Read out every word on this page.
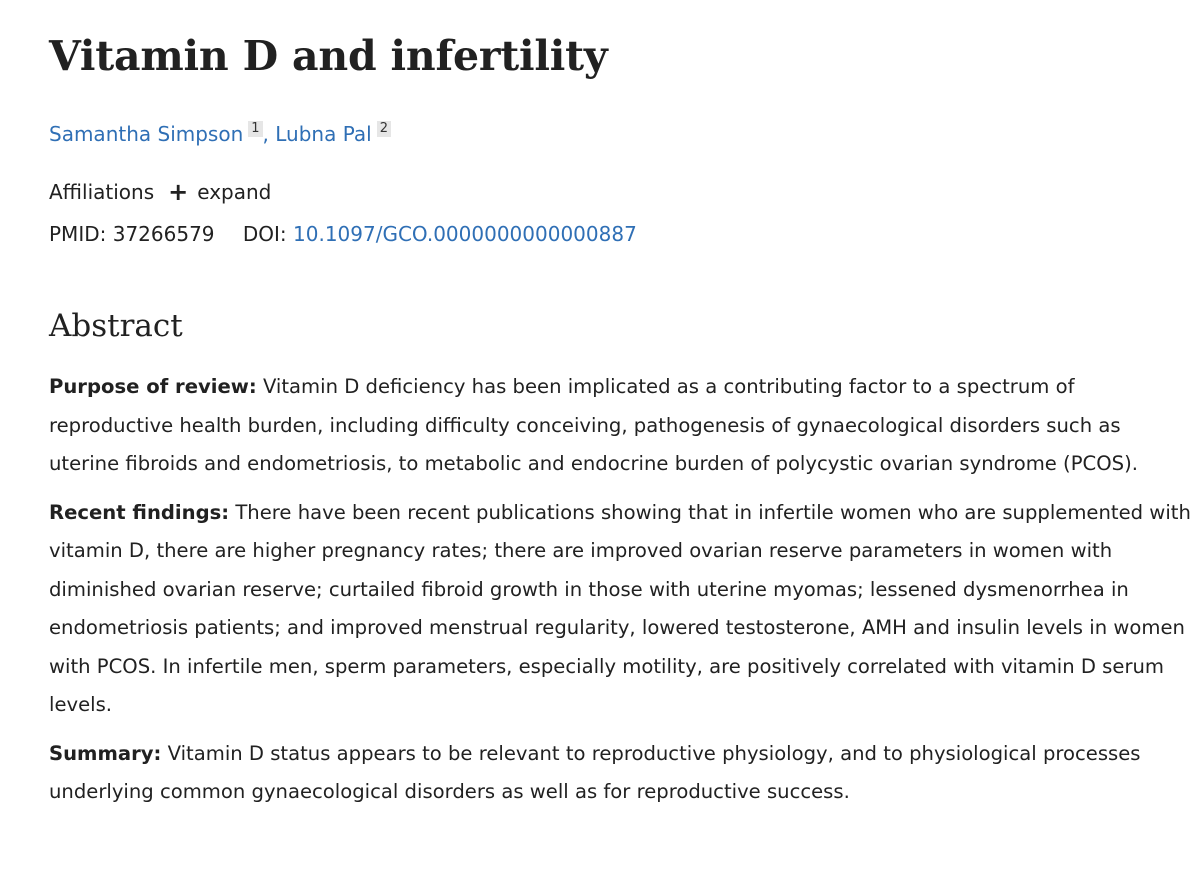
Vitamin D and infertility
Samantha Simpson 1 , Lubna Pal 2
Affiliations + expand
PMID: 37266579 DOI: 10.1097/GCO.0000000000000887
Abstract

Purpose of review: Vitamin D deficiency has been implicated as a contributing factor to a spectrum of reproductive health burden, including difficulty conceiving, pathogenesis of gynaecological disorders such as uterine fibroids and endometriosis, to metabolic and endocrine burden of polycystic ovarian syndrome (PCOS).

Recent findings: There have been recent publications showing that in infertile women who are supplemented with vitamin D, there are higher pregnancy rates; there are improved ovarian reserve parameters in women with diminished ovarian reserve; curtailed fibroid growth in those with uterine myomas; lessened dysmenorrhea in endometriosis patients; and improved menstrual regularity, lowered testosterone, AMH and insulin levels in women with PCOS. In infertile men, sperm parameters, especially motility, are positively correlated with vitamin D serum levels.

Summary: Vitamin D status appears to be relevant to reproductive physiology, and to physiological processes underlying common gynaecological disorders as well as for reproductive success.
